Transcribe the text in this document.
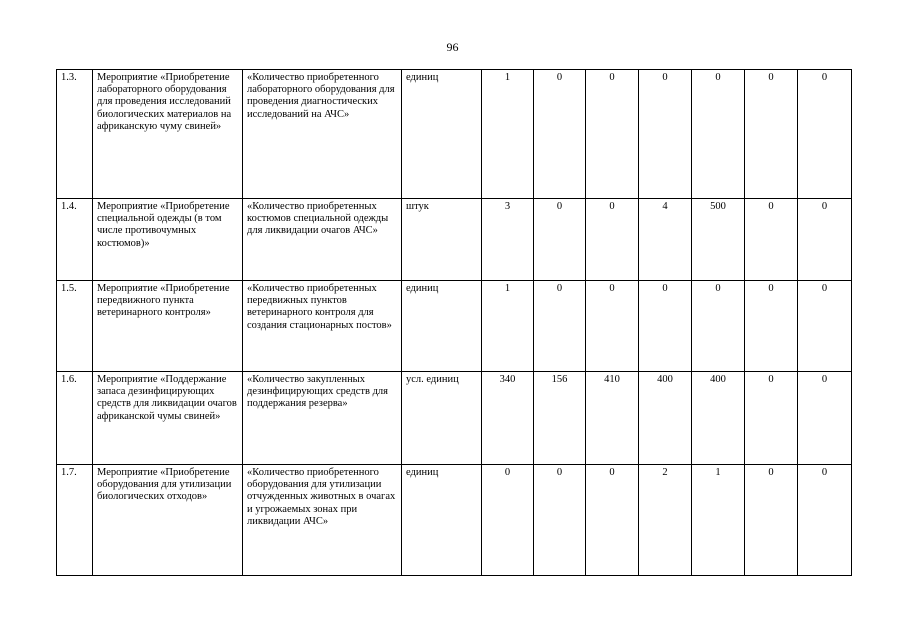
96
1.3.	Мероприятие «Приобретение лабораторного оборудования для проведения исследований биологических материалов на африканскую чуму свиней»	«Количество приобретенного лабораторного оборудования для проведения диагностических исследований на АЧС»	единиц	1	0	0	0	0	0	0
1.4.	Мероприятие «Приобретение специальной одежды (в том числе противочумных костюмов)»	«Количество приобретенных костюмов специальной одежды для ликвидации очагов АЧС»	штук	3	0	0	4	500	0	0
1.5.	Мероприятие «Приобретение передвижного пункта ветеринарного контроля»	«Количество приобретенных передвижных пунктов ветеринарного контроля для создания стационарных постов»	единиц	1	0	0	0	0	0	0
1.6.	Мероприятие «Поддержание запаса дезинфицирующих средств для ликвидации очагов африканской чумы свиней»	«Количество закупленных дезинфицирующих средств для поддержания резерва»	усл. единиц	340	156	410	400	400	0	0
1.7.	Мероприятие «Приобретение оборудования для утилизации биологических отходов»	«Количество приобретенного оборудования для утилизации отчужденных животных в очагах и угрожаемых зонах при ликвидации АЧС»	единиц	0	0	0	2	1	0	0
